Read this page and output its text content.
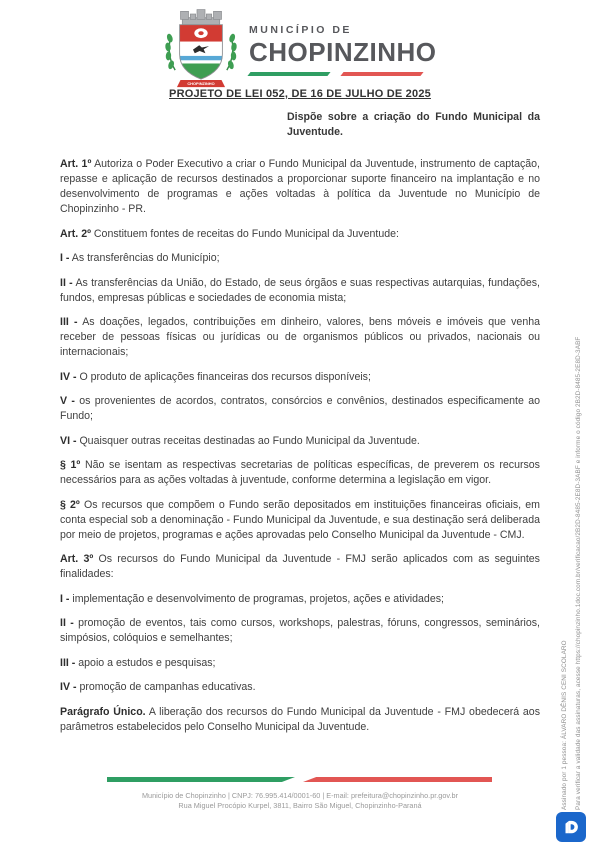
CHOPINZINHO
MUNICÍPIO DE
CHOPINZINHO
PROJETO DE LEI 052, DE 16 DE JULHO DE 2025
Dispõe sobre a criação do Fundo Municipal da Juventude.

Art. 1º Autoriza o Poder Executivo a criar o Fundo Municipal da Juventude, instrumento de captação, repasse e aplicação de recursos destinados a proporcionar suporte financeiro na implantação e no desenvolvimento de programas e ações voltadas à política da Juventude no Município de Chopinzinho - PR.

Art. 2º Constituem fontes de receitas do Fundo Municipal da Juventude:

I - As transferências do Município;

II - As transferências da União, do Estado, de seus órgãos e suas respectivas autarquias, fundações, fundos, empresas públicas e sociedades de economia mista;

III - As doações, legados, contribuições em dinheiro, valores, bens móveis e imóveis que venha receber de pessoas físicas ou jurídicas ou de organismos públicos ou privados, nacionais ou internacionais;

IV - O produto de aplicações financeiras dos recursos disponíveis;

V - os provenientes de acordos, contratos, consórcios e convênios, destinados especificamente ao Fundo;

VI - Quaisquer outras receitas destinadas ao Fundo Municipal da Juventude.

§ 1º Não se isentam as respectivas secretarias de políticas específicas, de preverem os recursos necessários para as ações voltadas à juventude, conforme determina a legislação em vigor.

§ 2º Os recursos que compõem o Fundo serão depositados em instituições financeiras oficiais, em conta especial sob a denominação - Fundo Municipal da Juventude, e sua destinação será deliberada por meio de projetos, programas e ações aprovadas pelo Conselho Municipal da Juventude - CMJ.

Art. 3º Os recursos do Fundo Municipal da Juventude - FMJ serão aplicados com as seguintes finalidades:

I - implementação e desenvolvimento de programas, projetos, ações e atividades;

II - promoção de eventos, tais como cursos, workshops, palestras, fóruns, congressos, seminários, simpósios, colóquios e semelhantes;

III - apoio a estudos e pesquisas;

IV - promoção de campanhas educativas.

Parágrafo Único. A liberação dos recursos do Fundo Municipal da Juventude - FMJ obedecerá aos parâmetros estabelecidos pelo Conselho Municipal da Juventude.

Município de Chopinzinho | CNPJ: 76.995.414/0001-60 | E-mail: prefeitura@chopinzinho.pr.gov.br
Rua Miguel Procópio Kurpel, 3811, Bairro São Miguel, Chopinzinho-Paraná	Assinado por 1 pessoa: ÁLVARO DÊNIS CENI SCOLARO Para verificar a validade das assinaturas, acesse https://chopinzinho.1doc.com.br/verificacao/2B2D-8485-2E8D-3ABF e informe o código 2B2D-8485-2E8D-3ABF
